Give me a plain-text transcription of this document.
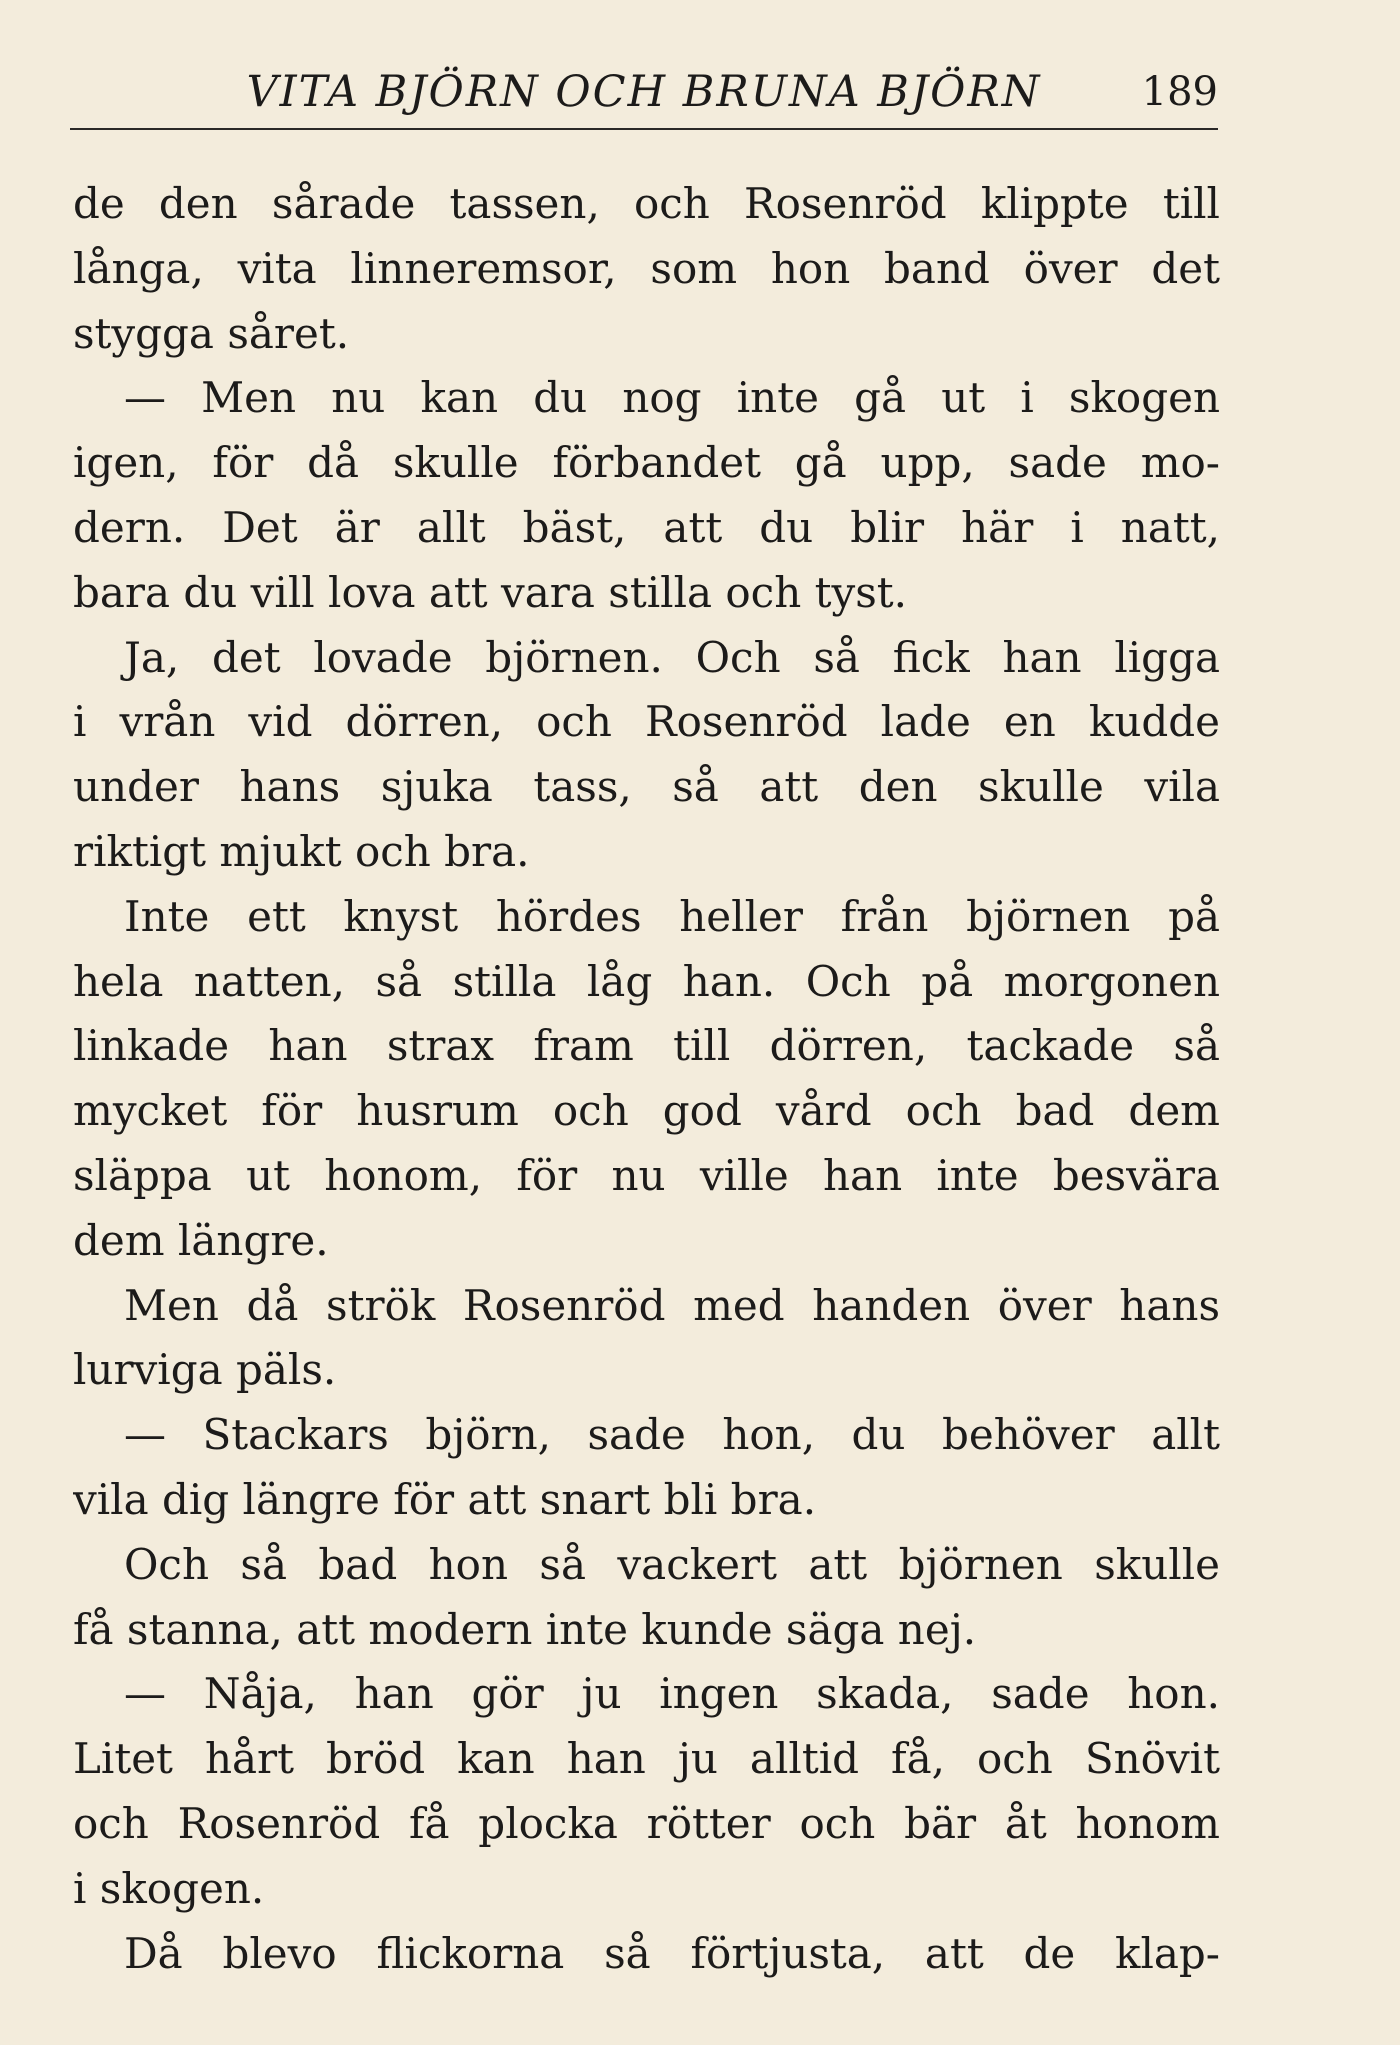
VITA BJÖRN OCH BRUNA BJÖRN	189
de den sårade tassen, och Rosenröd klippte till
långa, vita linneremsor, som hon band över det
stygga såret.
— Men nu kan du nog inte gå ut i skogen
igen, för då skulle förbandet gå upp, sade mo-
dern. Det är allt bäst, att du blir här i natt,
bara du vill lova att vara stilla och tyst.
Ja, det lovade björnen. Och så fick han ligga
i vrån vid dörren, och Rosenröd lade en kudde
under hans sjuka tass, så att den skulle vila
riktigt mjukt och bra.
Inte ett knyst hördes heller från björnen på
hela natten, så stilla låg han. Och på morgonen
linkade han strax fram till dörren, tackade så
mycket för husrum och god vård och bad dem
släppa ut honom, för nu ville han inte besvära
dem längre.
Men då strök Rosenröd med handen över hans
lurviga päls.
— Stackars björn, sade hon, du behöver allt
vila dig längre för att snart bli bra.
Och så bad hon så vackert att björnen skulle
få stanna, att modern inte kunde säga nej.
— Nåja, han gör ju ingen skada, sade hon.
Litet hårt bröd kan han ju alltid få, och Snövit
och Rosenröd få plocka rötter och bär åt honom
i skogen.
Då blevo flickorna så förtjusta, att de klap-
